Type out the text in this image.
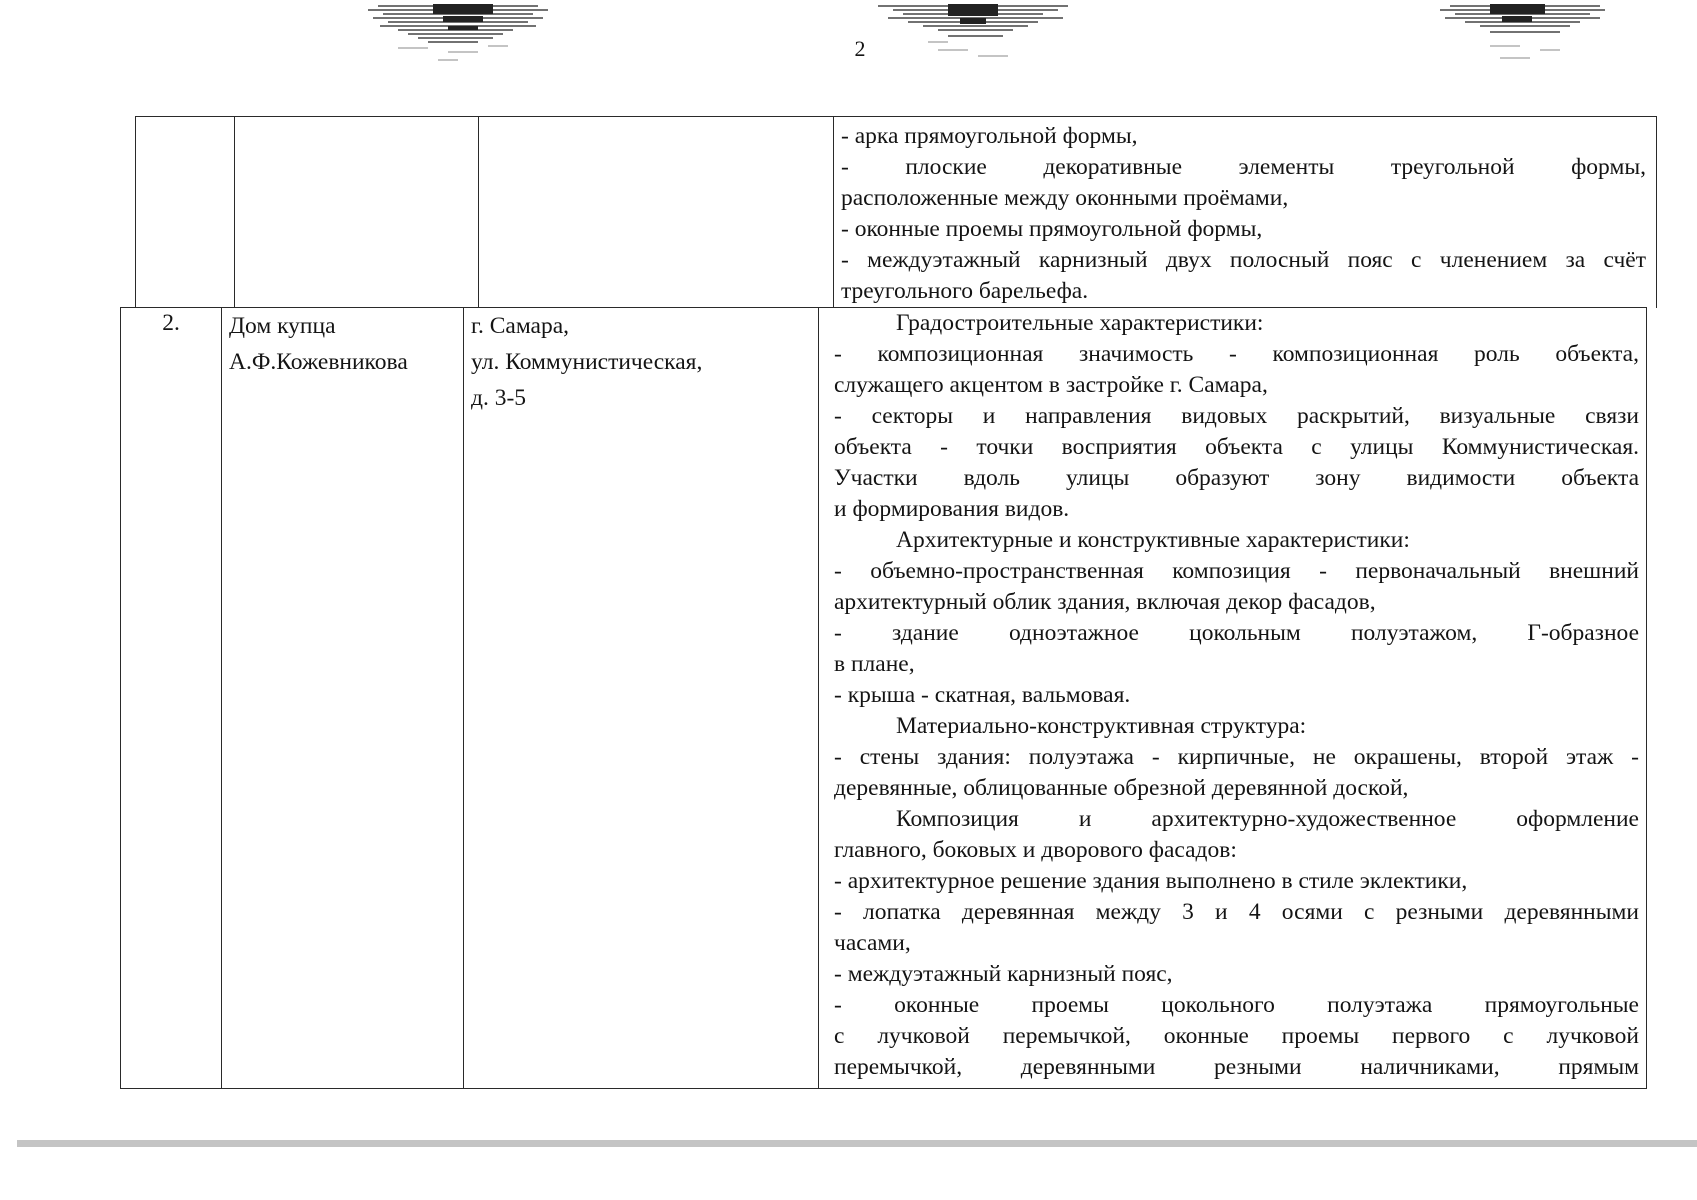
2
- арка прямоугольной формы,
- плоские декоративные элементы треугольной формы,
расположенные между оконными проёмами,
- оконные проемы прямоугольной формы,
- междуэтажный карнизный двух полосный пояс с членением за счёт
треугольного барельефа.
2.	Дом купца
А.Ф.Кожевникова
г. Самара,
ул. Коммунистическая,
д. 3-5
Градостроительные характеристики:
- композиционная значимость - композиционная роль объекта,
служащего акцентом в застройке г. Самара,
- секторы и направления видовых раскрытий, визуальные связи
объекта - точки восприятия объекта с улицы Коммунистическая.
Участки вдоль улицы образуют зону видимости объекта
и формирования видов.
Архитектурные и конструктивные характеристики:
- объемно-пространственная композиция - первоначальный внешний
архитектурный облик здания, включая декор фасадов,
- здание одноэтажное цокольным полуэтажом, Г-образное
в плане,
- крыша - скатная, вальмовая.
Материально-конструктивная структура:
- стены здания: полуэтажа - кирпичные, не окрашены, второй этаж -
деревянные, облицованные обрезной деревянной доской,
Композиция и архитектурно-художественное оформление
главного, боковых и дворового фасадов:
- архитектурное решение здания выполнено в стиле эклектики,
- лопатка деревянная между 3 и 4 осями с резными деревянными
часами,
- междуэтажный карнизный пояс,
- оконные проемы цокольного полуэтажа прямоугольные
с лучковой перемычкой, оконные проемы первого с лучковой
перемычкой, деревянными резными наличниками, прямым
